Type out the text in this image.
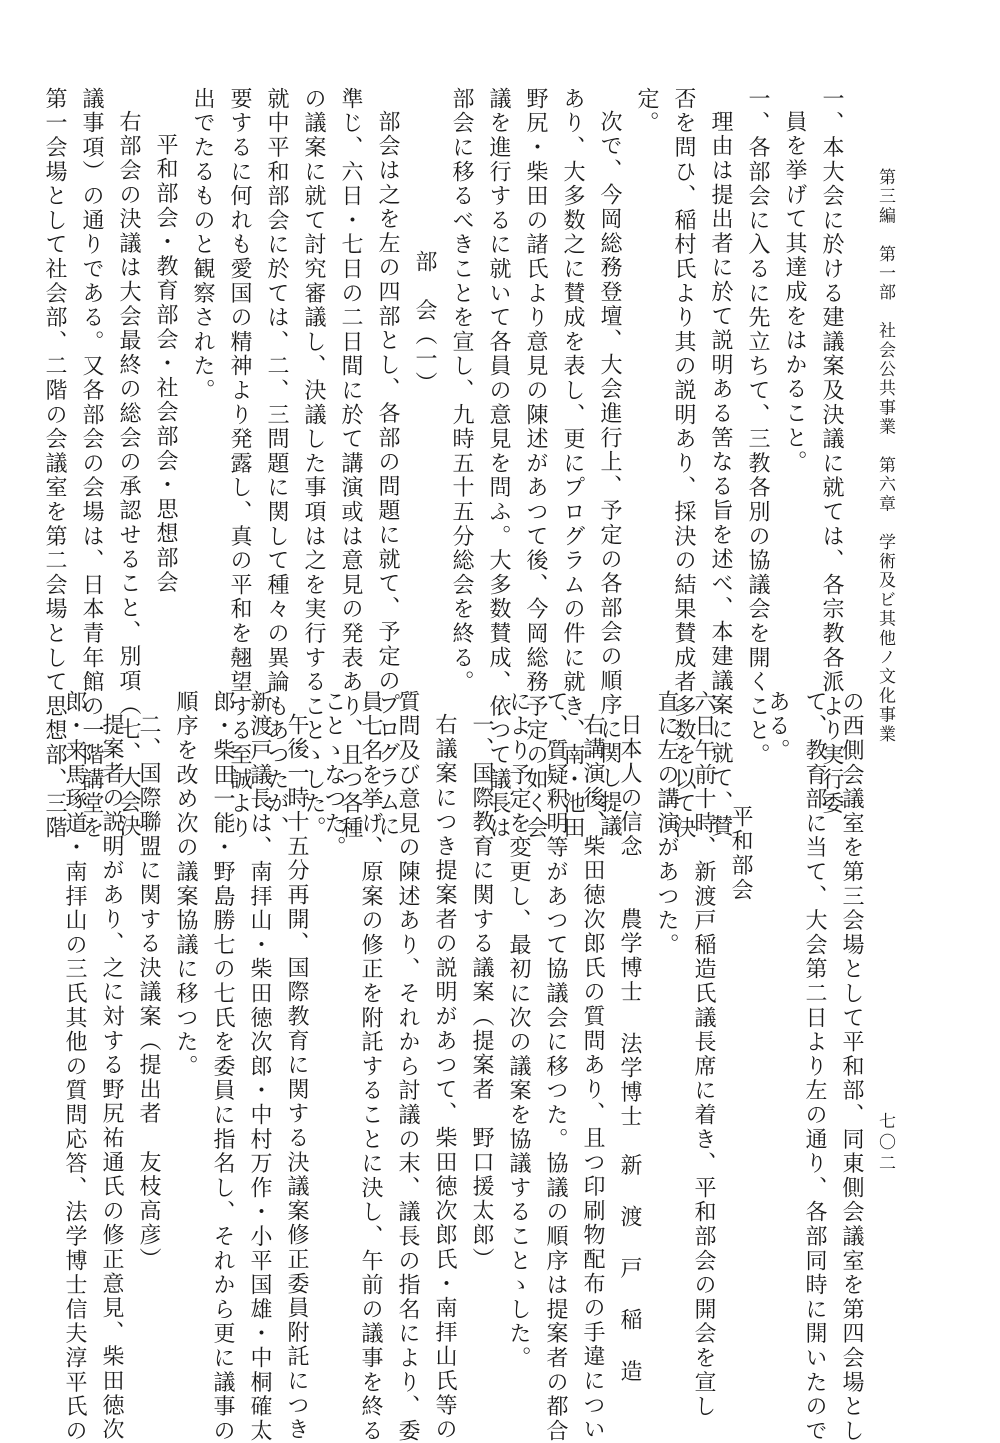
第三編　第一部　社会公共事業　第六章　学術及ビ其他ノ文化事業
七〇二
一、本大会に於ける建議案及決議に就ては、各宗教各派より実行委
員を挙げて其達成をはかること。
一、各部会に入るに先立ちて、三教各別の協議会を開くこと。
理由は提出者に於て説明ある筈なる旨を述べ、本建議案に就て、賛
否を問ひ、稲村氏より其の説明あり、採決の結果賛成者多数を以て決
定。
次で、今岡総務登壇、大会進行上、予定の各部会の順序に関し提議
あり、大多数之に賛成を表し、更にプログラムの件に就き、南・池田
野尻・柴田の諸氏より意見の陳述があつて後、今岡総務予定の如く会
議を進行するに就いて各員の意見を問ふ。大多数賛成、依つて議長は
部会に移るべきことを宣し、九時五十五分総会を終る。
部　会（一）
部会は之を左の四部とし、各部の問題に就て、予定のプログラムに
準じ、六日・七日の二日間に於て講演或は意見の発表あり、且つ各種
の議案に就て討究審議し、決議した事項は之を実行することゝした。
就中平和部会に於ては、二、三問題に関して種々の異論もあつたが、
要するに何れも愛国の精神より発露し、真の平和を翹望する至誠より
出でたるものと観察された。
平和部会・教育部会・社会部会・思想部会
右部会の決議は大会最終の総会の承認せること、別項（七、大会決
議事項）の通りである。又各部会の会場は、日本青年館の一階講堂を
第一会場として社会部、二階の会議室を第二会場として思想部、三階
の西側会議室を第三会場として平和部、同東側会議室を第四会場とし
て、教育部に当て、大会第二日より左の通り、各部同時に開いたので
ある。
平和部会
六日午前十時、新渡戸稲造氏議長席に着き、平和部会の開会を宣し
直に左の講演があつた。
日本人の信念　　農学博士 法学博士　新 渡 戸 稲 造
右講演後、柴田徳次郎氏の質問あり、且つ印刷物配布の手違につい
て、質疑釈明等があつて協議会に移つた。協議の順序は提案者の都合
により予定を変更し、最初に次の議案を協議することゝした。
一、国際教育に関する議案（提案者　野口援太郎）
右議案につき提案者の説明があつて、柴田徳次郎氏・南拝山氏等の
質問及び意見の陳述あり、それから討議の末、議長の指名により、委
員七名を挙げ、原案の修正を附託することに決し、午前の議事を終る
ことゝなつた。
午後一時十五分再開、国際教育に関する決議案修正委員附託につき
新渡戸議長は、南拝山・柴田徳次郎・中村万作・小平国雄・中桐確太
郎・柴田一能・野島勝七の七氏を委員に指名し、それから更に議事の
順序を改め次の議案協議に移つた。
二、国際聯盟に関する決議案（提出者　友枝高彦）
提案者の説明があり、之に対する野尻祐通氏の修正意見、柴田徳次
郎・来馬琢道・南拝山の三氏其他の質問応答、法学博士信夫淳平氏の
